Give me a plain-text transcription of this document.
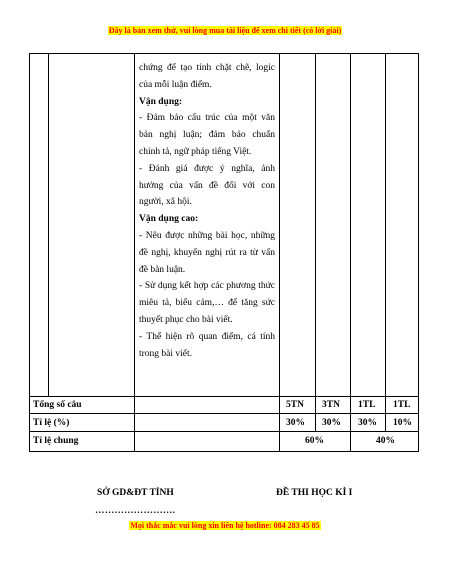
Đây là bản xem thử, vui lòng mua tài liệu để xem chi tiết (có lời giải)

chứng để tạo tính chặt chẽ, logic của mỗi luận điểm.

Vận dụng:

- Đảm bảo cấu trúc của một văn bản nghị luận; đảm bảo chuẩn chính tả, ngữ pháp tiếng Việt.

- Đánh giá được ý nghĩa, ảnh hưởng của vấn đề đối với con người, xã hội.

Vận dụng cao:

- Nêu được những bài học, những đề nghị, khuyến nghị rút ra từ vấn đề bàn luận.

- Sử dụng kết hợp các phương thức miêu tả, biểu cảm,… để tăng sức thuyết phục cho bài viết.

- Thể hiện rõ quan điểm, cá tính trong bài viết.

Tổng số câu	5TN 3TN 1TL 1TL
Tỉ lệ (%)	30% 30% 30% 10%
Tỉ lệ chung	60%	40%
SỞ GD&ĐT TỈNH	ĐỀ THI HỌC KÌ I
…………………….
Mọi thắc mắc vui lòng xin liên hệ hotline: 084 283 45 85
